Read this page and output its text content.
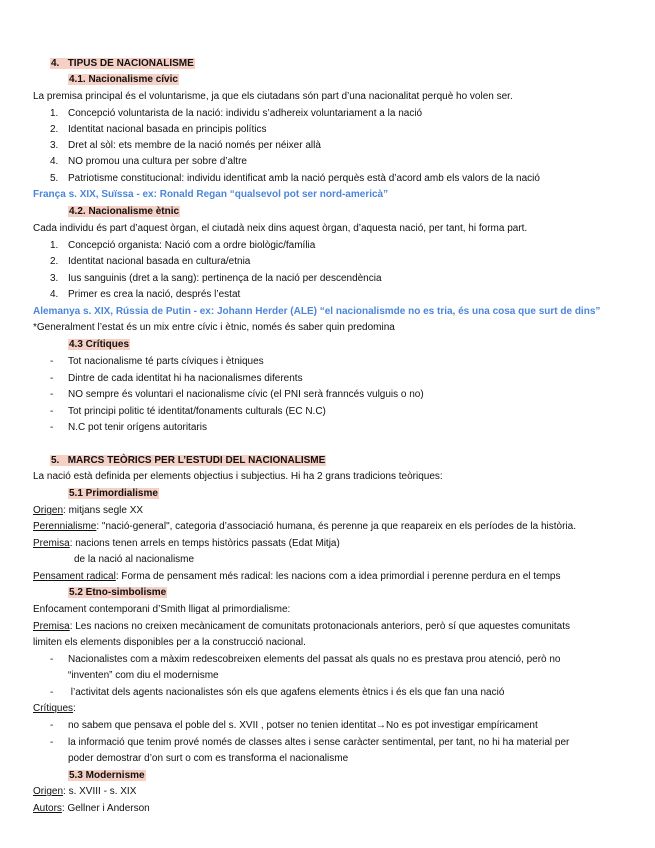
4. TIPUS DE NACIONALISME
4.1. Nacionalisme cívic
La premisa principal és el voluntarisme, ja que els ciutadans són part d’una nacionalitat perquè ho volen ser.
1. Concepció voluntarista de la nació: individu s’adhereix voluntariament a la nació
2. Identitat nacional basada en principis polítics
3. Dret al sòl: ets membre de la nació només per néixer allà
4. NO promou una cultura per sobre d’altre
5. Patriotisme constitucional: individu identificat amb la nació perquès està d’acord amb els valors de la nació
França s. XIX, Suïssa - ex: Ronald Regan “qualsevol pot ser nord-americà”
4.2. Nacionalisme ètnic
Cada individu és part d’aquest òrgan, el ciutadà neix dins aquest òrgan, d’aquesta nació, per tant, hi forma part.
1. Concepció organista: Nació com a ordre biològic/família
2. Identitat nacional basada en cultura/etnia
3. Ius sanguinis (dret a la sang): pertinença de la nació per descendència
4. Primer es crea la nació, després l’estat
Alemanya s. XIX, Rússia de Putin - ex: Johann Herder (ALE) “el nacionalismde no es tria, és una cosa que surt de dins”
*Generalment l’estat és un mix entre cívic i ètnic, només és saber quin predomina
4.3 Crítiques
- Tot nacionalisme té parts cíviques i ètniques
- Dintre de cada identitat hi ha nacionalismes diferents
- NO sempre és voluntari el nacionalisme cívic (el PNI serà franncés vulguis o no)
- Tot principi politic té identitat/fonaments culturals (EC N.C)
- N.C pot tenir orígens autoritaris
5. MARCS TEÒRICS PER L’ESTUDI DEL NACIONALISME
La nació està definida per elements objectius i subjectius. Hi ha 2 grans tradicions teòriques:
5.1 Primordialisme
Origen: mitjans segle XX
Perennialisme: "nació-general", categoria d’associació humana, és perenne ja que reapareix en els períodes de la història.
Premisa: nacions tenen arrels en temps històrics passats (Edat Mitja)
de la nació al nacionalisme
Pensament radical: Forma de pensament més radical: les nacions com a idea primordial i perenne perdura en el temps
5.2 Etno-simbolisme
Enfocament contemporani d’Smith lligat al primordialisme:
Premisa: Les nacions no creixen mecànicament de comunitats protonacionals anteriors, però sí que aquestes comunitats
limiten els elements disponibles per a la construcció nacional.
- Nacionalistes com a màxim redescobreixen elements del passat als quals no es prestava prou atenció, però no
“inventen” com diu el modernisme
- l’activitat dels agents nacionalistes són els que agafens elements ètnics i és els que fan una nació
Crítiques:
- no sabem que pensava el poble del s. XVII , potser no tenien identitat→No es pot investigar empíricament
- la informació que tenim prové només de classes altes i sense caràcter sentimental, per tant, no hi ha material per
poder demostrar d’on surt o com es transforma el nacionalisme
5.3 Modernisme
Origen: s. XVIII - s. XIX
Autors: Gellner i Anderson
